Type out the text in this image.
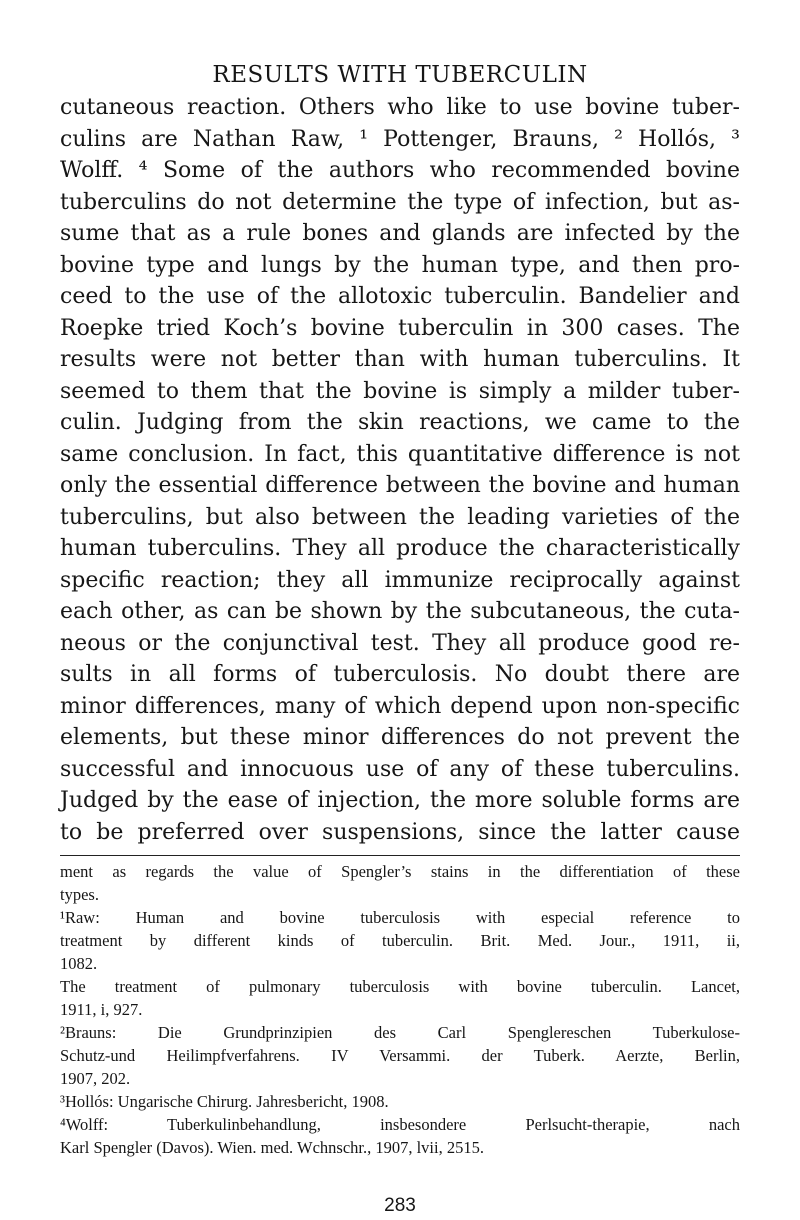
RESULTS WITH TUBERCULIN
cutaneous reaction. Others who like to use bovine tuber-
culins are Nathan Raw, ¹ Pottenger, Brauns, ² Hollós, ³
Wolff. ⁴ Some of the authors who recommended bovine
tuberculins do not determine the type of infection, but as-
sume that as a rule bones and glands are infected by the
bovine type and lungs by the human type, and then pro-
ceed to the use of the allotoxic tuberculin. Bandelier and
Roepke tried Koch’s bovine tuberculin in 300 cases. The
results were not better than with human tuberculins. It
seemed to them that the bovine is simply a milder tuber-
culin. Judging from the skin reactions, we came to the
same conclusion. In fact, this quantitative difference is not
only the essential difference between the bovine and human
tuberculins, but also between the leading varieties of the
human tuberculins. They all produce the characteristically
specific reaction; they all immunize reciprocally against
each other, as can be shown by the subcutaneous, the cuta-
neous or the conjunctival test. They all produce good re-
sults in all forms of tuberculosis. No doubt there are
minor differences, many of which depend upon non-specific
elements, but these minor differences do not prevent the
successful and innocuous use of any of these tuberculins.
Judged by the ease of injection, the more soluble forms are
to be preferred over suspensions, since the latter cause
ment as regards the value of Spengler’s stains in the differentiation of these
types.
¹Raw: Human and bovine tuberculosis with especial reference to
treatment by different kinds of tuberculin. Brit. Med. Jour., 1911, ii,
1082.
The treatment of pulmonary tuberculosis with bovine tuberculin. Lancet,
1911, i, 927.
²Brauns: Die Grundprinzipien des Carl Spenglereschen Tuberkulose-
Schutz-und Heilimpfverfahrens. IV Versammi. der Tuberk. Aerzte, Berlin,
1907, 202.
³Hollós: Ungarische Chirurg. Jahresbericht, 1908.
⁴Wolff: Tuberkulinbehandlung, insbesondere Perlsucht-therapie, nach
Karl Spengler (Davos). Wien. med. Wchnschr., 1907, lvii, 2515.
283
